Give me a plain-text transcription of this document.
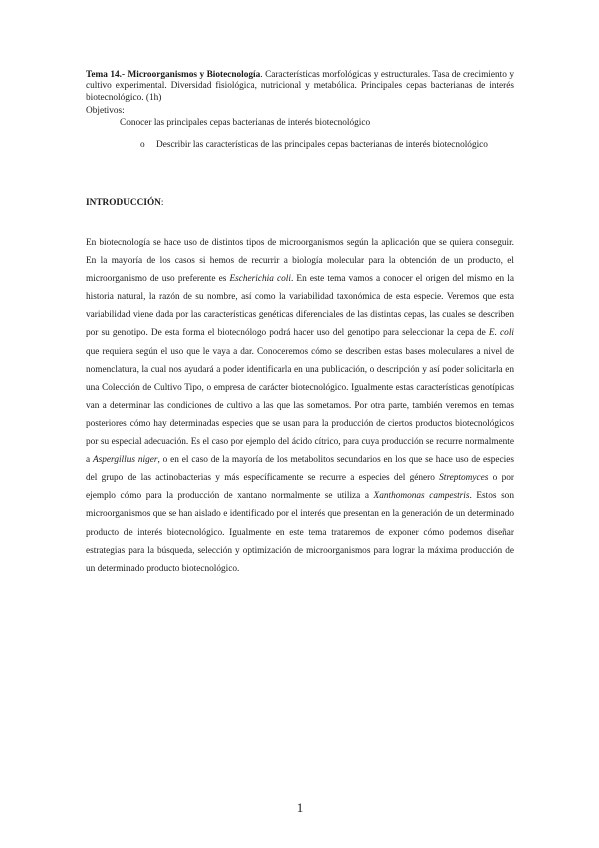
Tema 14.- Microorganismos y Biotecnología. Características morfológicas y estructurales. Tasa de crecimiento y cultivo experimental. Diversidad fisiológica, nutricional y metabólica. Principales cepas bacterianas de interés biotecnológico. (1h)
Objetivos:
Conocer las principales cepas bacterianas de interés biotecnológico
o Describir las características de las principales cepas bacterianas de interés biotecnológico
INTRODUCCIÓN:
En biotecnología se hace uso de distintos tipos de microorganismos según la aplicación que se quiera conseguir. En la mayoría de los casos si hemos de recurrir a biología molecular para la obtención de un producto, el microorganismo de uso preferente es Escherichia coli. En este tema vamos a conocer el origen del mismo en la historia natural, la razón de su nombre, así como la variabilidad taxonómica de esta especie. Veremos que esta variabilidad viene dada por las características genéticas diferenciales de las distintas cepas, las cuales se describen por su genotipo. De esta forma el biotecnólogo podrá hacer uso del genotipo para seleccionar la cepa de E. coli que requiera según el uso que le vaya a dar. Conoceremos cómo se describen estas bases moleculares a nivel de nomenclatura, la cual nos ayudará a poder identificarla en una publicación, o descripción y así poder solicitarla en una Colección de Cultivo Tipo, o empresa de carácter biotecnológico. Igualmente estas características genotípicas van a determinar las condiciones de cultivo a las que las sometamos. Por otra parte, también veremos en temas posteriores cómo hay determinadas especies que se usan para la producción de ciertos productos biotecnológicos por su especial adecuación. Es el caso por ejemplo del ácido cítrico, para cuya producción se recurre normalmente a Aspergillus niger, o en el caso de la mayoría de los metabolitos secundarios en los que se hace uso de especies del grupo de las actinobacterias y más específicamente se recurre a especies del género Streptomyces o por ejemplo cómo para la producción de xantano normalmente se utiliza a Xanthomonas campestris. Estos son microorganismos que se han aislado e identificado por el interés que presentan en la generación de un determinado producto de interés biotecnológico. Igualmente en este tema trataremos de exponer cómo podemos diseñar estrategias para la búsqueda, selección y optimización de microorganismos para lograr la máxima producción de un determinado producto biotecnológico.
1
